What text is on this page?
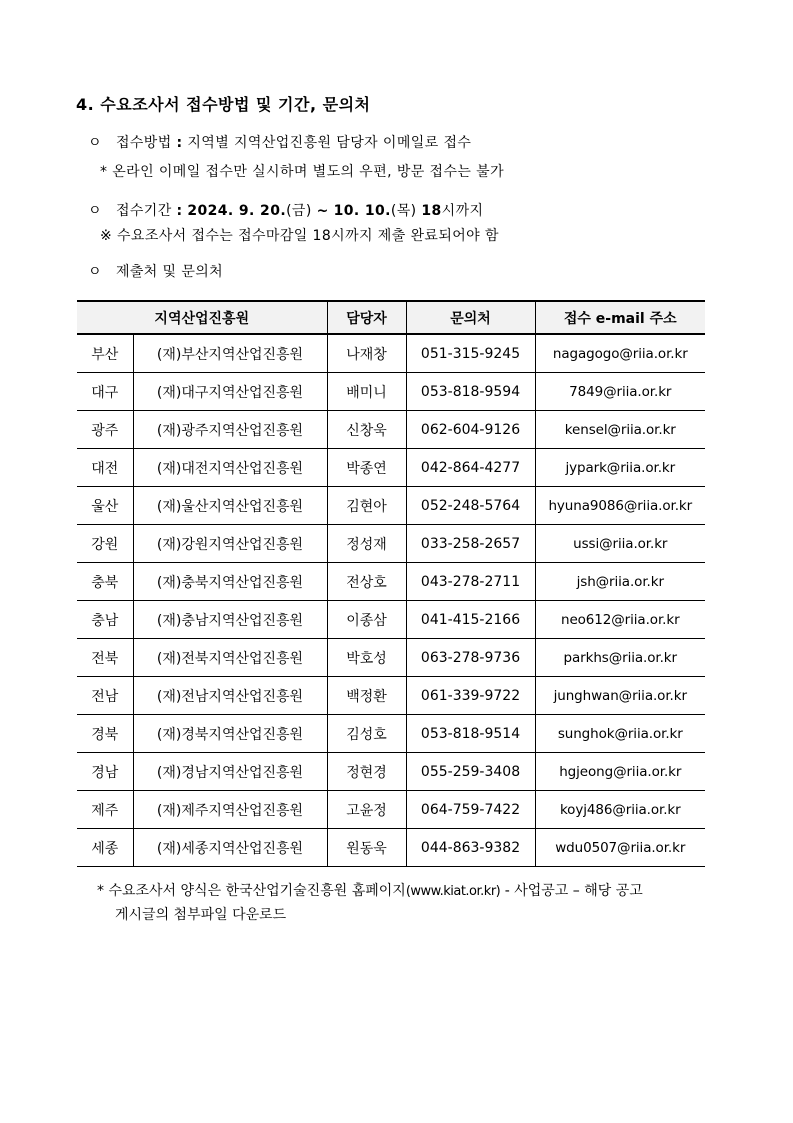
4. 수요조사서 접수방법 및 기간, 문의처
ㅇ 접수방법 : 지역별 지역산업진흥원 담당자 이메일로 접수
* 온라인 이메일 접수만 실시하며 별도의 우편, 방문 접수는 불가
ㅇ 접수기간 : 2024. 9. 20.(금) ~ 10. 10.(목) 18시까지
※ 수요조사서 접수는 접수마감일 18시까지 제출 완료되어야 함
ㅇ 제출처 및 문의처
지역산업진흥원		담당자	문의처	접수 e-mail 주소
부산	(재)부산지역산업진흥원	나재창	051-315-9245	nagagogo@riia.or.kr
대구	(재)대구지역산업진흥원	배미니	053-818-9594	7849@riia.or.kr
광주	(재)광주지역산업진흥원	신창욱	062-604-9126	kensel@riia.or.kr
대전	(재)대전지역산업진흥원	박종연	042-864-4277	jypark@riia.or.kr
울산	(재)울산지역산업진흥원	김현아	052-248-5764	hyuna9086@riia.or.kr
강원	(재)강원지역산업진흥원	정성재	033-258-2657	ussi@riia.or.kr
충북	(재)충북지역산업진흥원	전상호	043-278-2711	jsh@riia.or.kr
충남	(재)충남지역산업진흥원	이종삼	041-415-2166	neo612@riia.or.kr
전북	(재)전북지역산업진흥원	박호성	063-278-9736	parkhs@riia.or.kr
전남	(재)전남지역산업진흥원	백정환	061-339-9722	junghwan@riia.or.kr
경북	(재)경북지역산업진흥원	김성호	053-818-9514	sunghok@riia.or.kr
경남	(재)경남지역산업진흥원	정현경	055-259-3408	hgjeong@riia.or.kr
제주	(재)제주지역산업진흥원	고윤정	064-759-7422	koyj486@riia.or.kr
세종	(재)세종지역산업진흥원	원동욱	044-863-9382	wdu0507@riia.or.kr
* 수요조사서 양식은 한국산업기술진흥원 홈페이지(www.kiat.or.kr) - 사업공고 – 해당 공고
게시글의 첨부파일 다운로드
